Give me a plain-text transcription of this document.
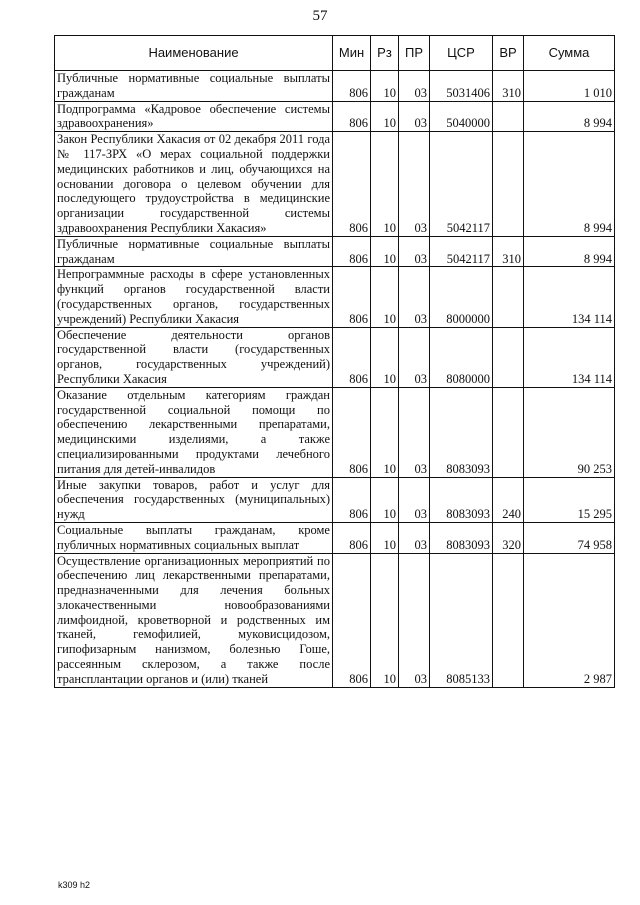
57
Наименование	Мин	Рз	ПР	ЦСР	ВР	Сумма
Публичные нормативные социальные выплаты гражданам	806	10	03	5031406	310	1 010
Подпрограмма «Кадровое обеспечение системы здравоохранения»	806	10	03	5040000		8 994
Закон Республики Хакасия от 02 декабря 2011 года № 117-ЗРХ «О мерах социальной поддержки медицинских работников и лиц, обучающихся на основании договора о целевом обучении для последующего трудоустройства в медицинские организации государственной системы здравоохранения Республики Хакасия»	806	10	03	5042117		8 994
Публичные нормативные социальные выплаты гражданам	806	10	03	5042117	310	8 994
Непрограммные расходы в сфере установленных функций органов государственной власти (государственных органов, государственных учреждений) Республики Хакасия	806	10	03	8000000		134 114
Обеспечение деятельности органов государственной власти (государственных органов, государственных учреждений) Республики Хакасия	806	10	03	8080000		134 114
Оказание отдельным категориям граждан государственной социальной помощи по обеспечению лекарственными препаратами, медицинскими изделиями, а также специализированными продуктами лечебного питания для детей-инвалидов	806	10	03	8083093		90 253
Иные закупки товаров, работ и услуг для обеспечения государственных (муниципальных) нужд	806	10	03	8083093	240	15 295
Социальные выплаты гражданам, кроме публичных нормативных социальных выплат	806	10	03	8083093	320	74 958
Осуществление организационных мероприятий по обеспечению лиц лекарственными препаратами, предназначенными для лечения больных злокачественными новообразованиями лимфоидной, кроветворной и родственных им тканей, гемофилией, муковисцидозом, гипофизарным нанизмом, болезнью Гоше, рассеянным склерозом, а также после трансплантации органов и (или) тканей	806	10	03	8085133		2 987
k309 h2
